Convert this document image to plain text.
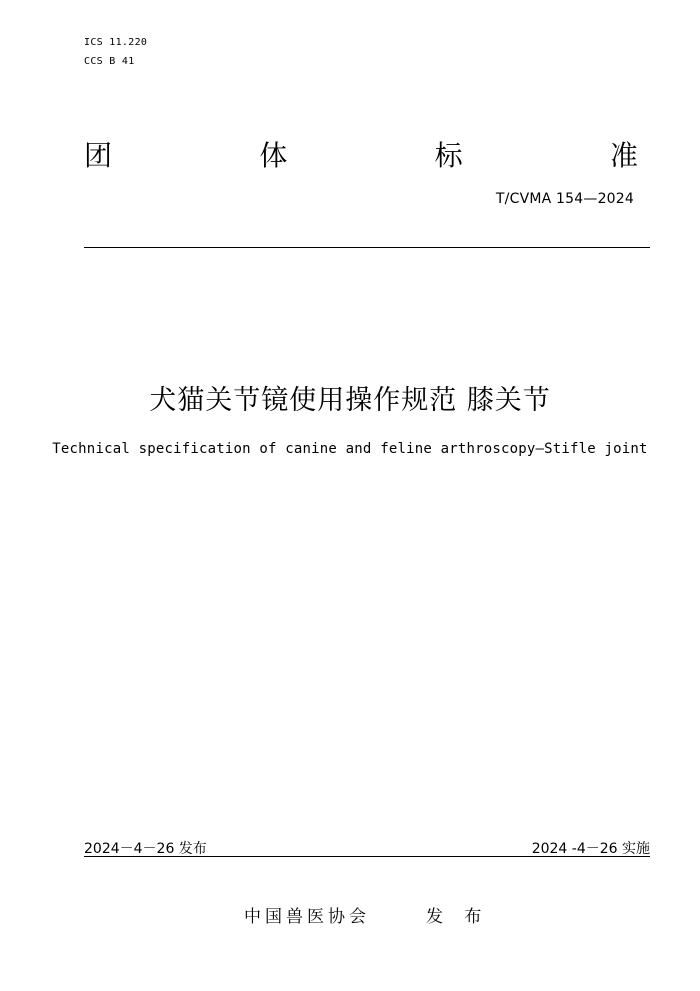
ICS 11.220
CCS B 41
团	体	标	准
T/CVMA 154—2024
犬猫关节镜使用操作规范 膝关节
Technical specification of canine and feline arthroscopy—Stifle joint
2024－4－26 发布	2024 -4－26 实施
中国兽医协会	发 布
